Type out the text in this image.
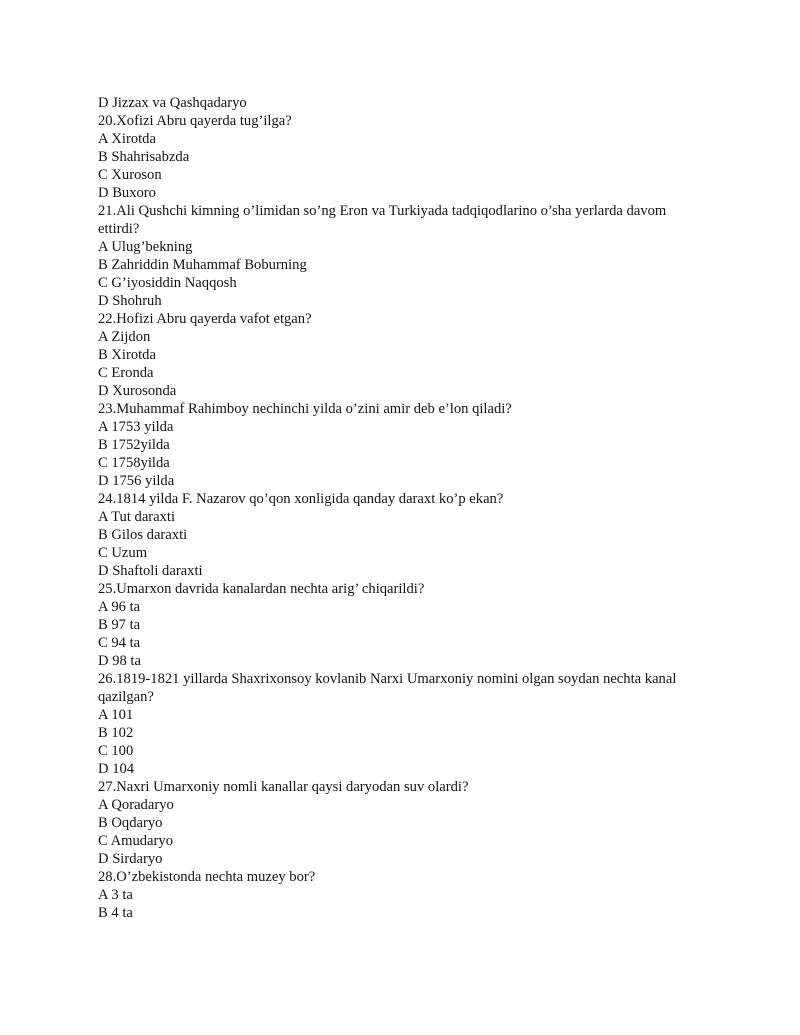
D Jizzax va Qashqadaryo

20.Xofizi Abru qayerda tug’ilga?

A Xirotda

B Shahrisabzda

C Xuroson

D Buxoro

21.Ali Qushchi kimning o’limidan so’ng Eron va Turkiyada tadqiqodlarino o’sha yerlarda davom ettirdi?

A Ulug’bekning

B Zahriddin Muhammaf Boburning

C G’iyosiddin Naqqosh

D Shohruh

22.Hofizi Abru qayerda vafot etgan?

A Zijdon

B Xirotda

C Eronda

D Xurosonda

23.Muhammaf Rahimboy nechinchi yilda o’zini amir deb e’lon qiladi?

A 1753 yilda

B 1752yilda

C 1758yilda

D 1756 yilda

24.1814 yilda F. Nazarov qo’qon xonligida qanday daraxt ko’p ekan?

A Tut daraxti

B Gilos daraxti

C Uzum

D Shaftoli daraxti

25.Umarxon davrida kanalardan nechta arig’ chiqarildi?

A 96 ta

B 97 ta

C 94 ta

D 98 ta

26.1819-1821 yillarda Shaxrixonsoy kovlanib Narxi Umarxoniy nomini olgan soydan nechta kanal qazilgan?

A 101

B 102

C 100

D 104

27.Naxri Umarxoniy nomli kanallar qaysi daryodan suv olardi?

A Qoradaryo

B Oqdaryo

C Amudaryo

D Sirdaryo

28.O’zbekistonda nechta muzey bor?

A 3 ta

B 4 ta
